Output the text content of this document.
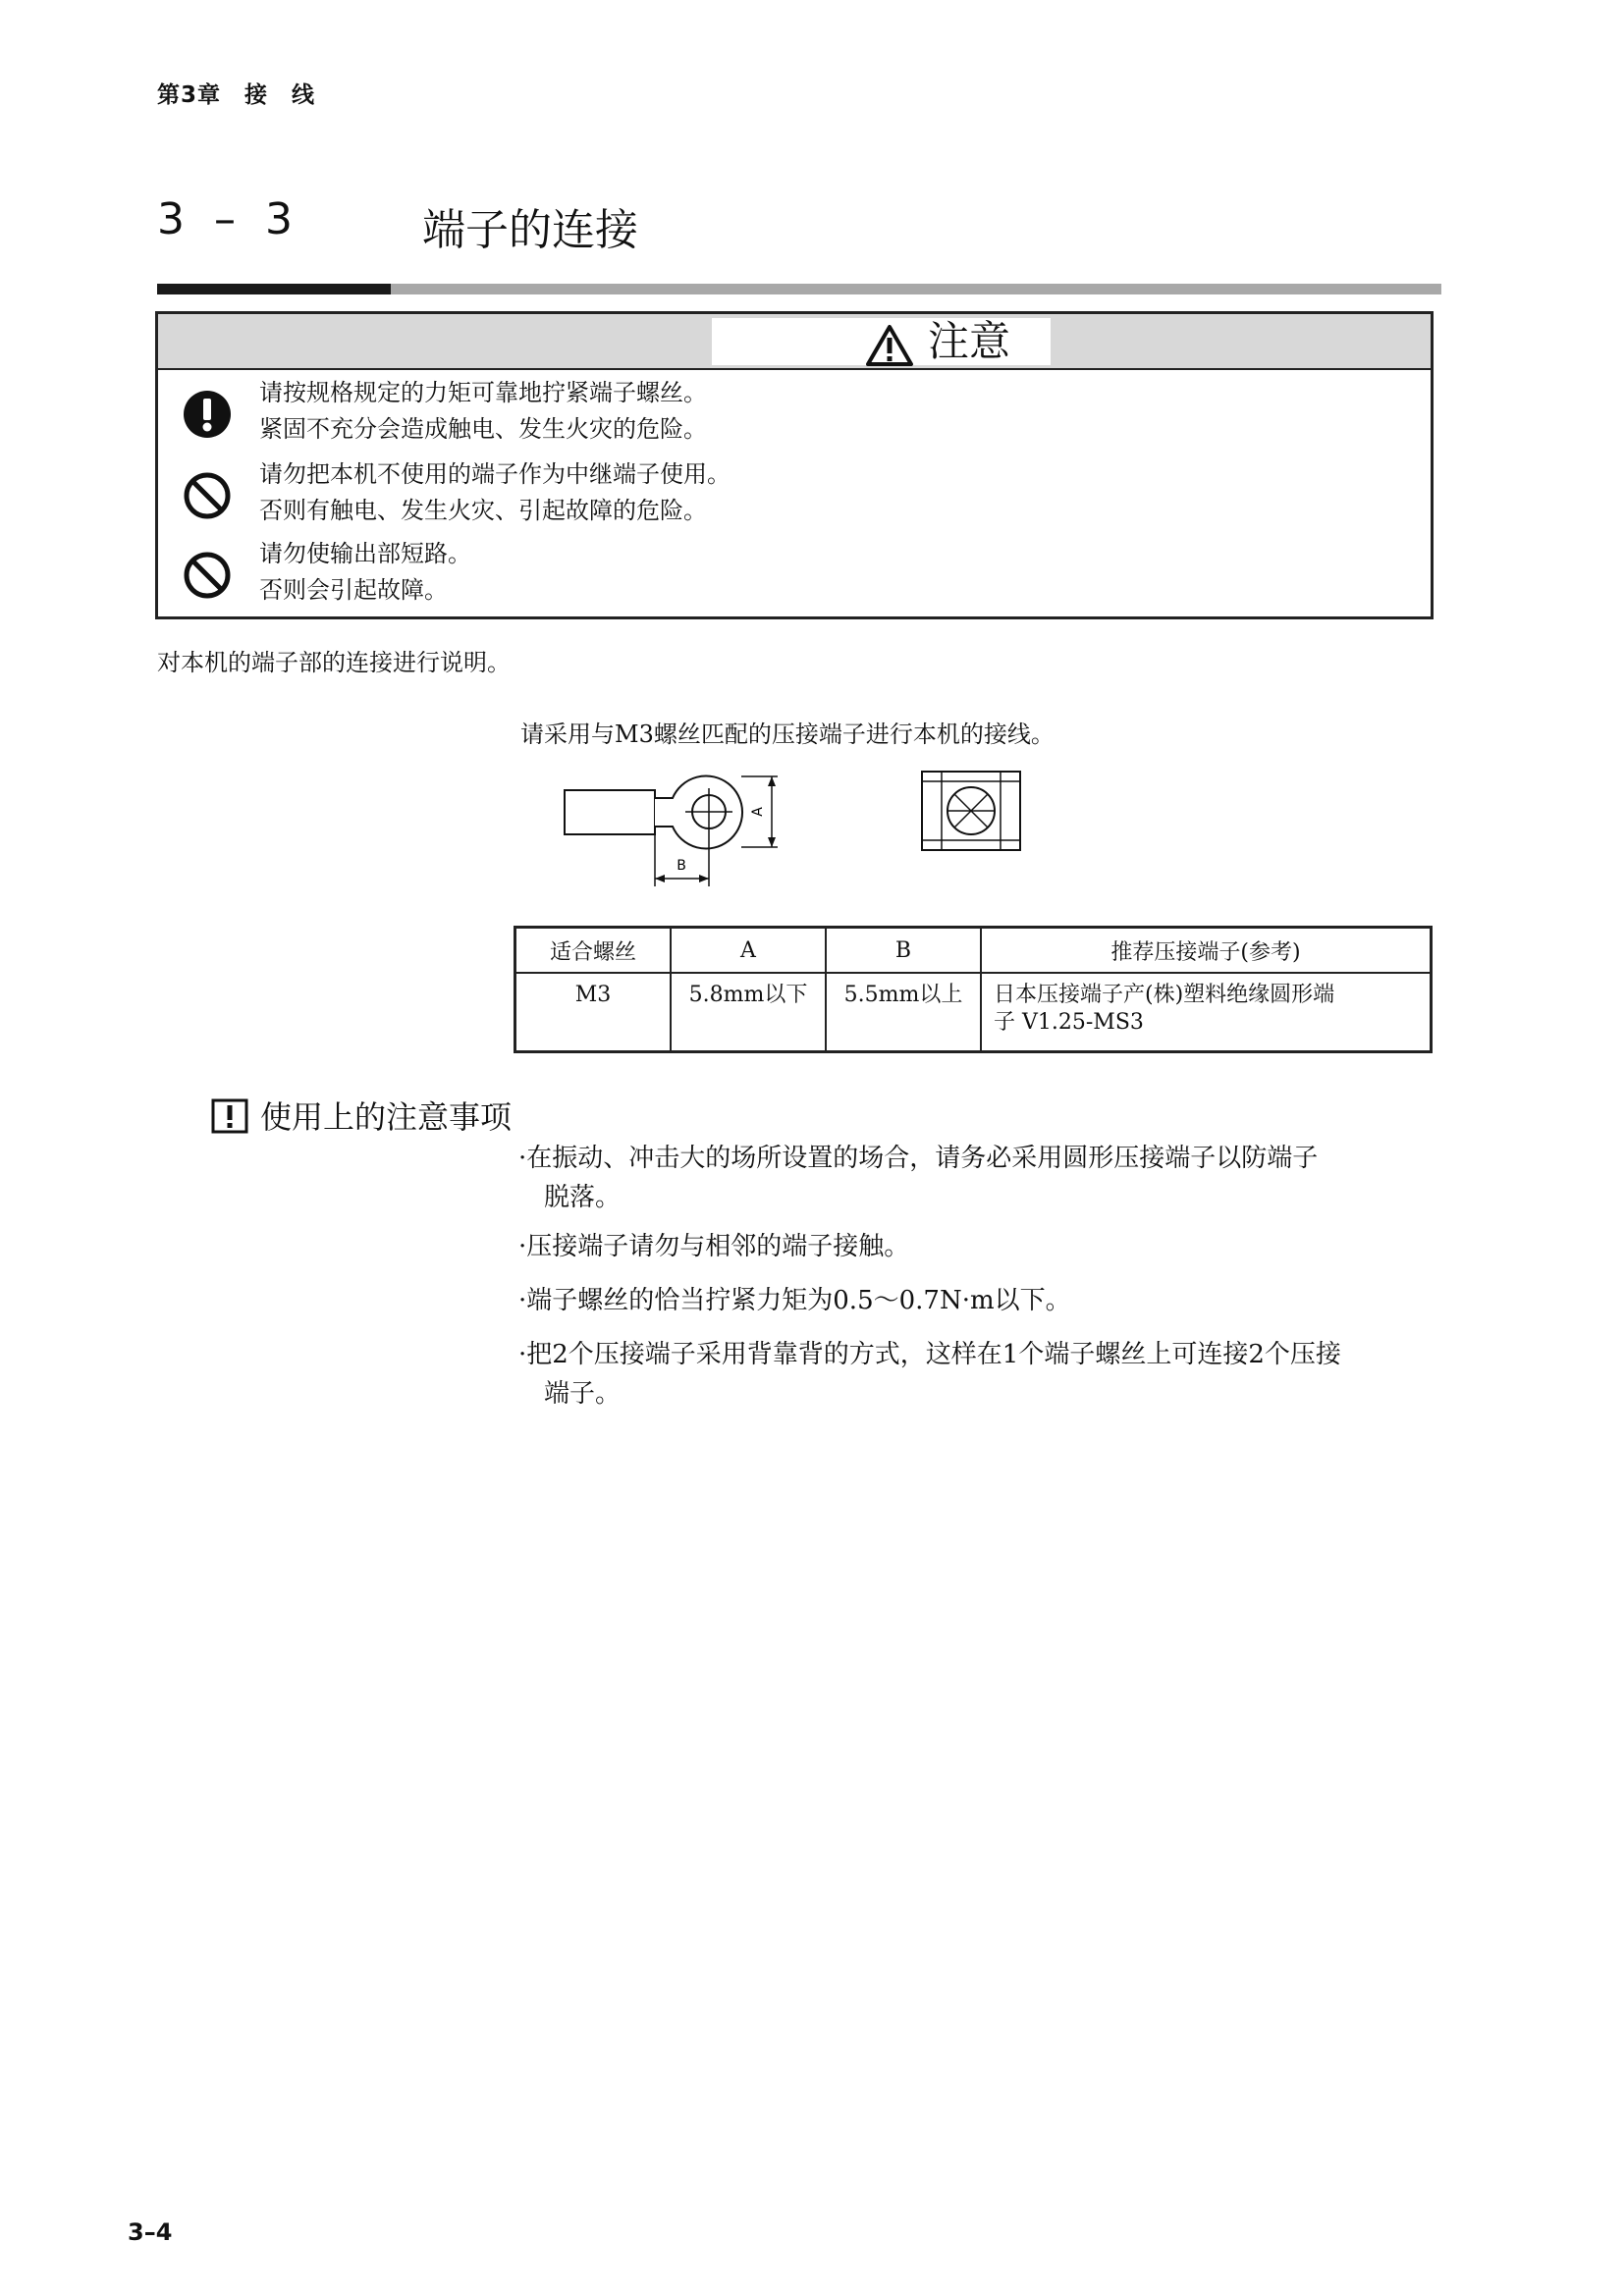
第3章　接　线
3 – 3	端子的连接
注意
请按规格规定的力矩可靠地拧紧端子螺丝。
紧固不充分会造成触电、发生火灾的危险。
请勿把本机不使用的端子作为中继端子使用。
否则有触电、发生火灾、引起故障的危险。
请勿使输出部短路。
否则会引起故障。
对本机的端子部的连接进行说明。
请采用与M3螺丝匹配的压接端子进行本机的接线。
A
B
适合螺丝	A	B	推荐压接端子(参考)
M3	5.8mm以下	5.5mm以上	日本压接端子产(株)塑料绝缘圆形端
子 V1.25-MS3
使用上的注意事项
·在振动、冲击大的场所设置的场合，请务必采用圆形压接端子以防端子
　脱落。
·压接端子请勿与相邻的端子接触。
·端子螺丝的恰当拧紧力矩为0.5～0.7N·m以下。
·把2个压接端子采用背靠背的方式，这样在1个端子螺丝上可连接2个压接
　端子。
3–4
